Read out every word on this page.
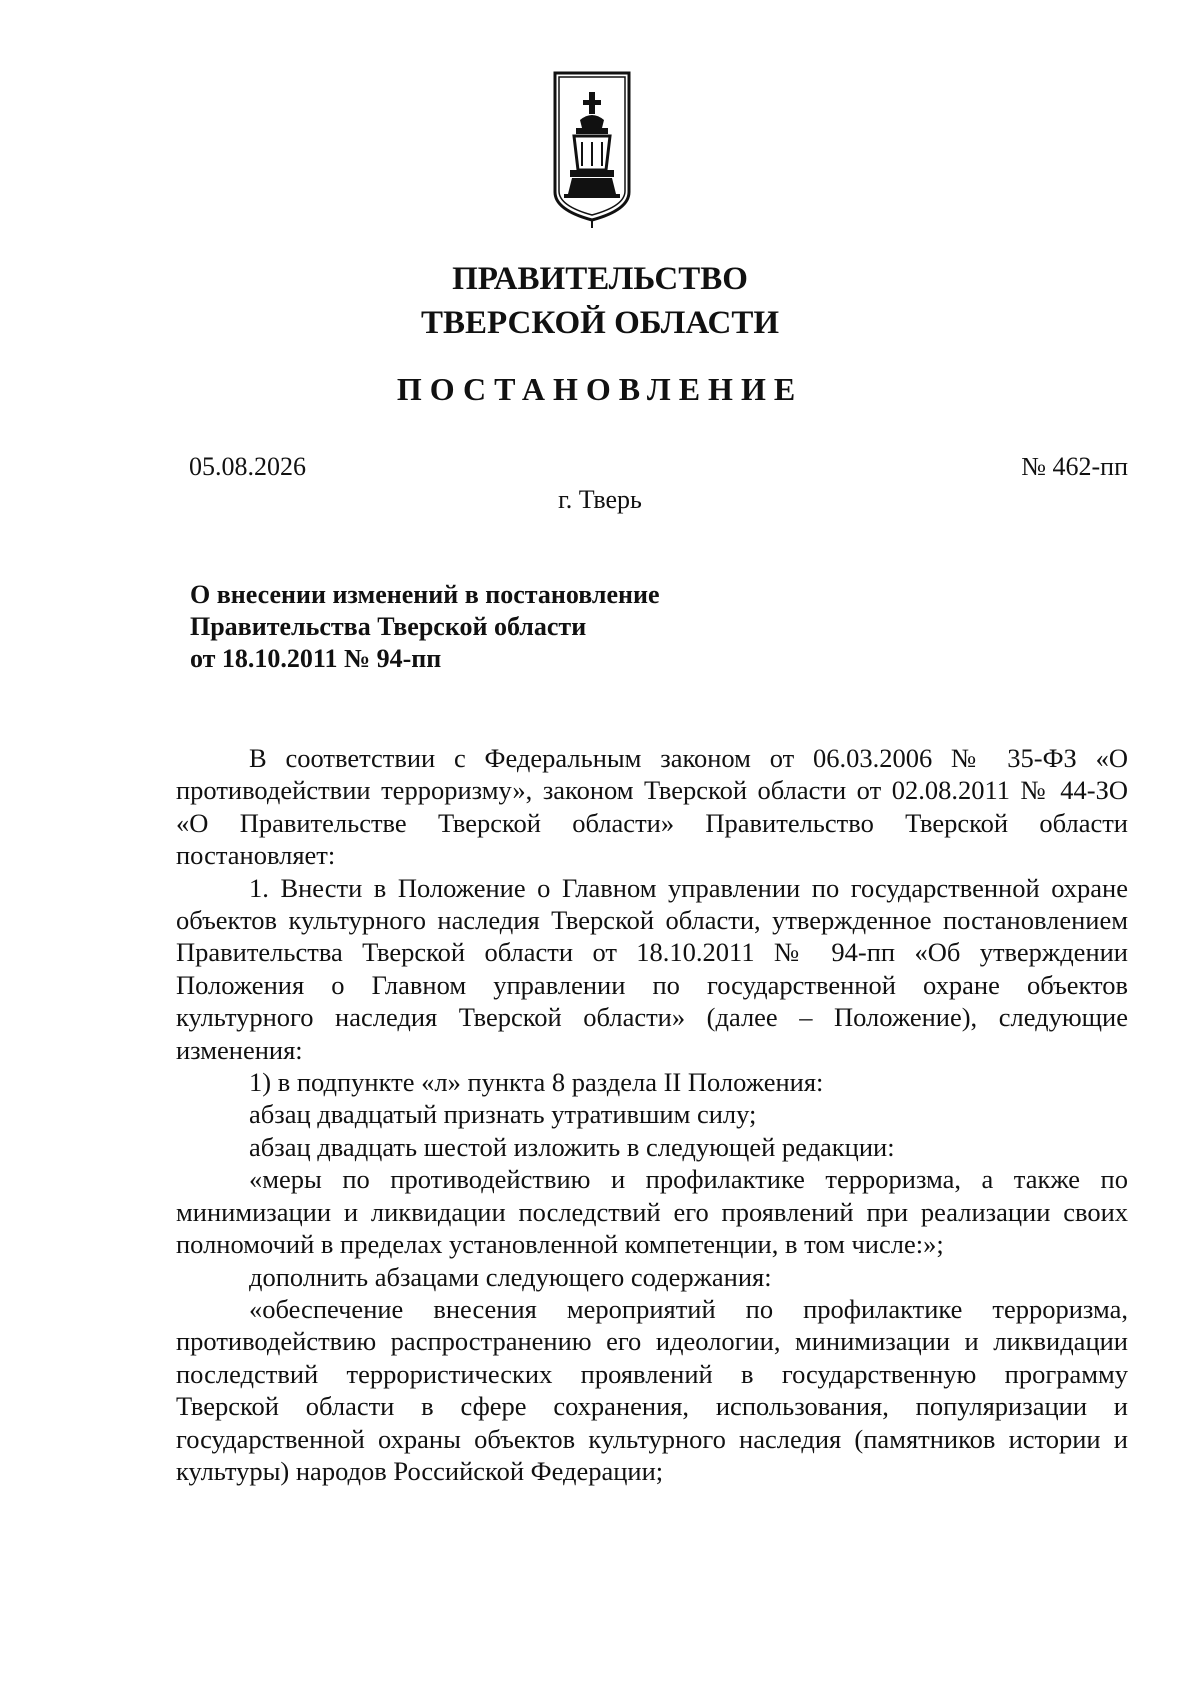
ПРАВИТЕЛЬСТВО
ТВЕРСКОЙ ОБЛАСТИ
ПОСТАНОВЛЕНИЕ
05.08.2026	№ 462-пп
г. Тверь
О внесении изменений в постановление
Правительства Тверской области
от 18.10.2011 № 94-пп

В соответствии с Федеральным законом от 06.03.2006 № 35-ФЗ «О противодействии терроризму», законом Тверской области от 02.08.2011 № 44-ЗО «О Правительстве Тверской области» Правительство Тверской области постановляет:

1. Внести в Положение о Главном управлении по государственной охране объектов культурного наследия Тверской области, утвержденное постановлением Правительства Тверской области от 18.10.2011 № 94-пп «Об утверждении Положения о Главном управлении по государственной охране объектов культурного наследия Тверской области» (далее – Положение), следующие изменения:

1) в подпункте «л» пункта 8 раздела II Положения:

абзац двадцатый признать утратившим силу;

абзац двадцать шестой изложить в следующей редакции:

«меры по противодействию и профилактике терроризма, а также по минимизации и ликвидации последствий его проявлений при реализации своих полномочий в пределах установленной компетенции, в том числе:»;

дополнить абзацами следующего содержания:

«обеспечение внесения мероприятий по профилактике терроризма, противодействию распространению его идеологии, минимизации и ликвидации последствий террористических проявлений в государственную программу Тверской области в сфере сохранения, использования, популяризации и государственной охраны объектов культурного наследия (памятников истории и культуры) народов Российской Федерации;
